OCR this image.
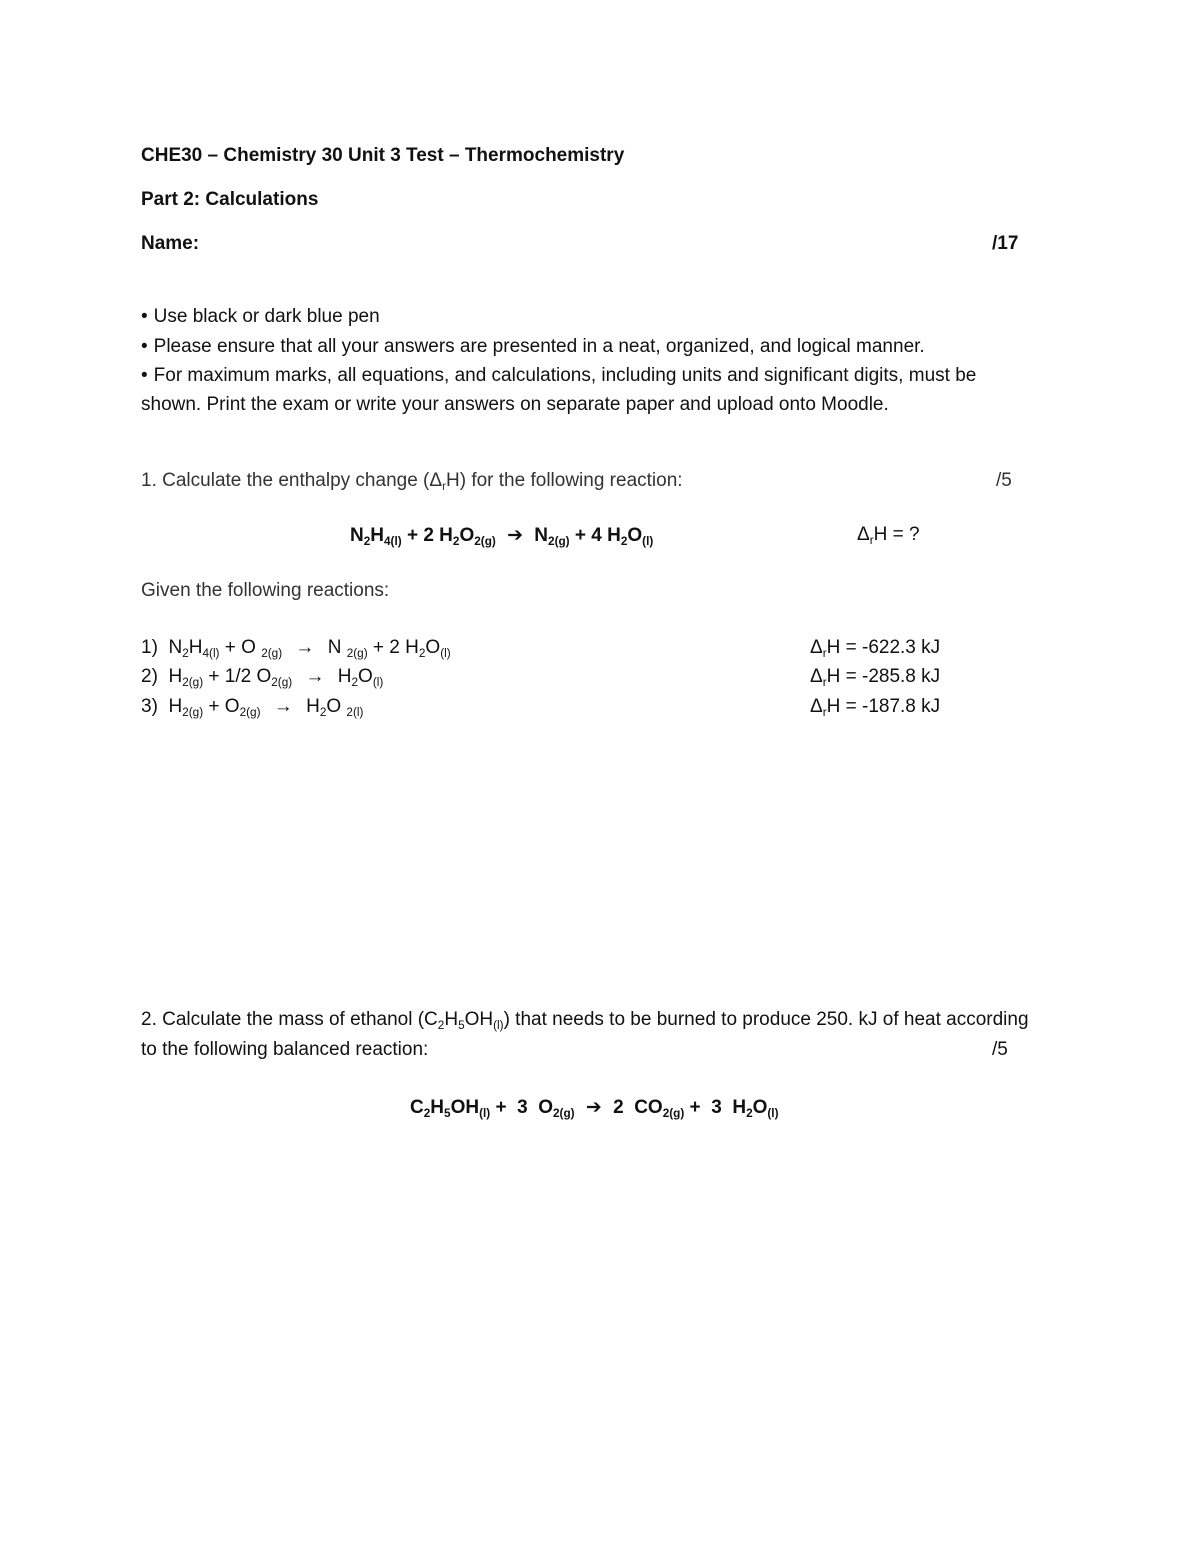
CHE30 – Chemistry 30 Unit 3 Test – Thermochemistry
Part 2: Calculations
Name:	/17
• Use black or dark blue pen
• Please ensure that all your answers are presented in a neat, organized, and logical manner.
• For maximum marks, all equations, and calculations, including units and significant digits, must be
shown. Print the exam or write your answers on separate paper and upload onto Moodle.
1. Calculate the enthalpy change $(\Delta_rH)$ for the following reaction:	/5
$N_2H_{4(l)} + 2$ $H_2O_{2(g)}$ ➔ $N_{2(g)} + 4$ $H_2O_{(l)}$	$\Delta_rH$ = ?
Given the following reactions:
1) $N_2H_{4(l)} + O$ $_{2(g)}$ → N $_{2(g)}$ + 2 $H_2O_{(l)}$	$\Delta_rH = -622.3$ kJ
2) $H_{2(g)} + 1/2$ $O_{2(g)} \to H_2O_{(l)}$	$\Delta_rH = -285.8$ kJ
3) $H_{2(g)} + O_{2(g)} \to H_2O$ $_{2(l)}$	$\Delta_rH = -187.8$ kJ
2. Calculate the mass of ethanol $(C_2H_5OH_{(l)})$ that needs to be burned to produce 250. kJ of heat according
to the following balanced reaction:	/5
$C_2H_5OH_{(l)} + 3$  $O_{2(g)}$ ➔ 2  $CO_{2(g)} + 3$  $H_2O_{(l)}$
